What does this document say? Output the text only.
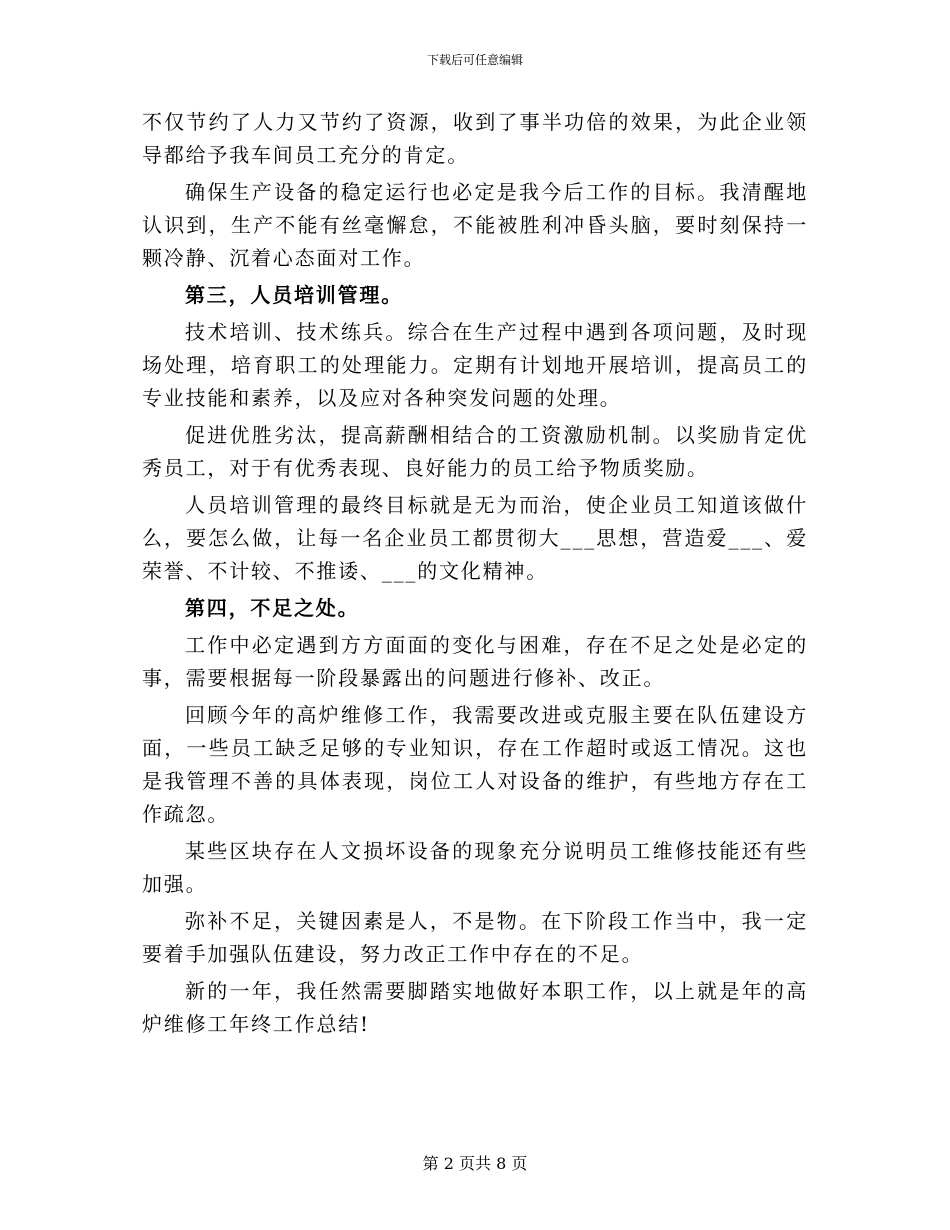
下载后可任意编辑

不仅节约了人力又节约了资源，收到了事半功倍的效果，为此企业领导都给予我车间员工充分的肯定。

确保生产设备的稳定运行也必定是我今后工作的目标。我清醒地认识到，生产不能有丝毫懈怠，不能被胜利冲昏头脑，要时刻保持一颗冷静、沉着心态面对工作。

第三，人员培训管理。

技术培训、技术练兵。综合在生产过程中遇到各项问题，及时现场处理，培育职工的处理能力。定期有计划地开展培训，提高员工的专业技能和素养，以及应对各种突发问题的处理。

促进优胜劣汰，提高薪酬相结合的工资激励机制。以奖励肯定优秀员工，对于有优秀表现、良好能力的员工给予物质奖励。

人员培训管理的最终目标就是无为而治，使企业员工知道该做什么，要怎么做，让每一名企业员工都贯彻大___思想，营造爱___、爱荣誉、不计较、不推诿、___的文化精神。

第四，不足之处。

工作中必定遇到方方面面的变化与困难，存在不足之处是必定的事，需要根据每一阶段暴露出的问题进行修补、改正。

回顾今年的高炉维修工作，我需要改进或克服主要在队伍建设方面，一些员工缺乏足够的专业知识，存在工作超时或返工情况。这也是我管理不善的具体表现，岗位工人对设备的维护，有些地方存在工作疏忽。

某些区块存在人文损坏设备的现象充分说明员工维修技能还有些加强。

弥补不足，关键因素是人，不是物。在下阶段工作当中，我一定要着手加强队伍建设，努力改正工作中存在的不足。

新的一年，我任然需要脚踏实地做好本职工作，以上就是年的高炉维修工年终工作总结!

第 2 页共 8 页
